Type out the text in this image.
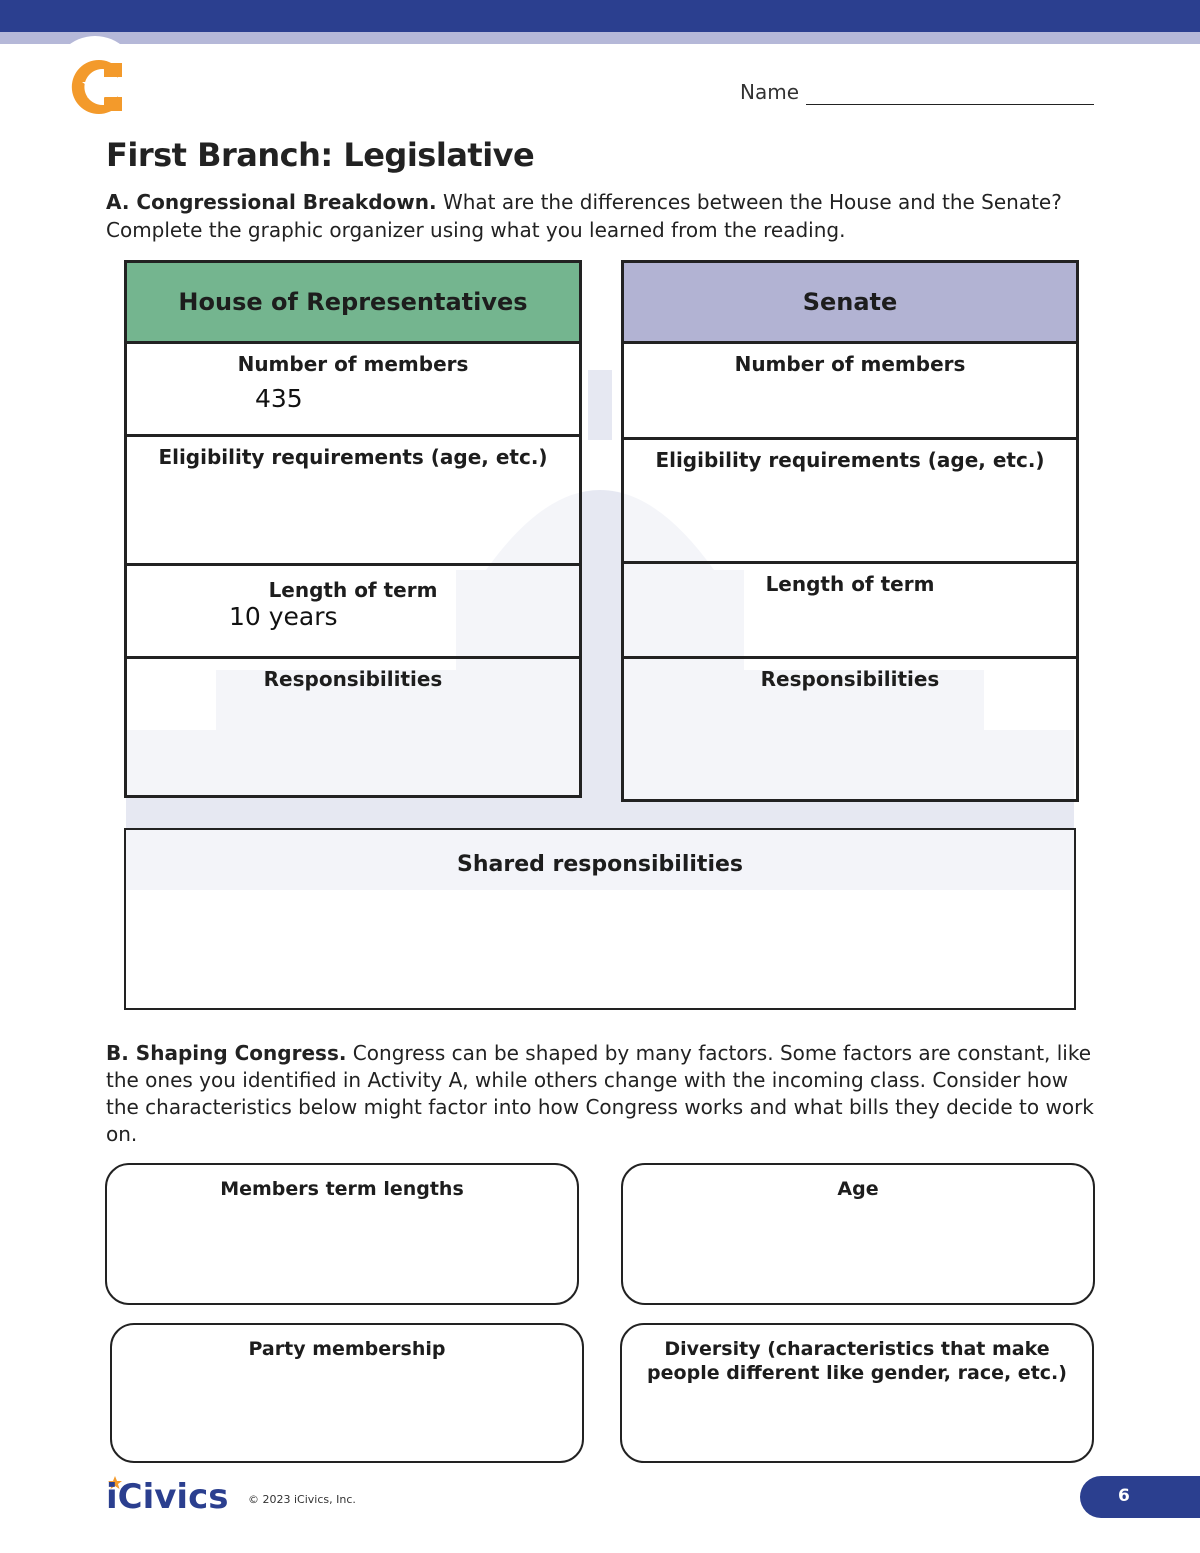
Name
First Branch: Legislative
A. Congressional Breakdown. What are the differences between the House and the Senate? Complete the graphic organizer using what you learned from the reading.
House of Representatives
Number of members
435
Eligibility requirements (age, etc.)
Length of term
10 years
Responsibilities
Senate
Number of members
Eligibility requirements (age, etc.)
Length of term
Responsibilities
Shared responsibilities
B. Shaping Congress. Congress can be shaped by many factors. Some factors are constant, like the ones you identified in Activity A, while others change with the incoming class. Consider how the characteristics below might factor into how Congress works and what bills they decide to work on.
Members term lengths	Age
Party membership	Diversity (characteristics that make people different like gender, race, etc.)
iCivics © 2023 iCivics, Inc.	6
